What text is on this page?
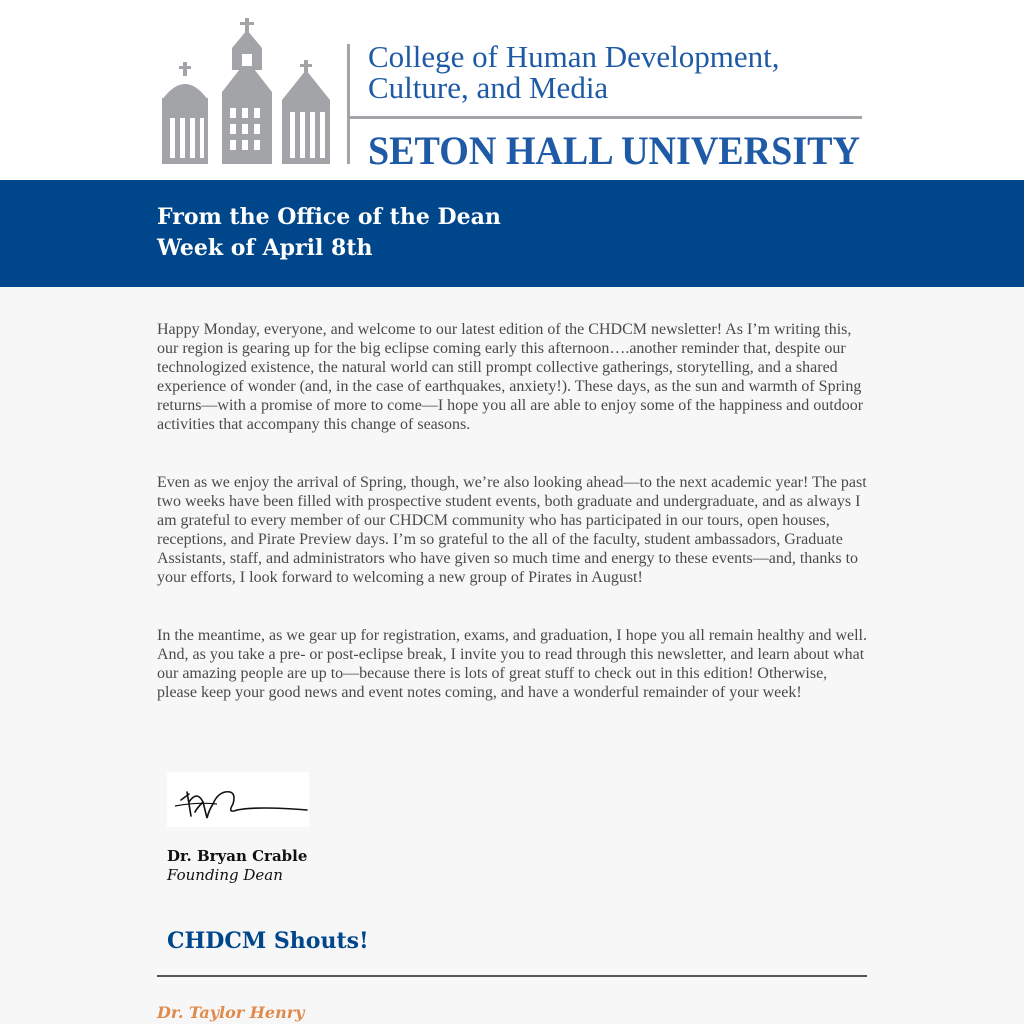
College of Human Development,
Culture, and Media
SETON HALL UNIVERSITY
From the Office of the Dean
Week of April 8th

Happy Monday, everyone, and welcome to our latest edition of the CHDCM newsletter! As I’m writing this, our region is gearing up for the big eclipse coming early this afternoon….another reminder that, despite our technologized existence, the natural world can still prompt collective gatherings, storytelling, and a shared experience of wonder (and, in the case of earthquakes, anxiety!). These days, as the sun and warmth of Spring returns—with a promise of more to come—I hope you all are able to enjoy some of the happiness and outdoor activities that accompany this change of seasons.

Even as we enjoy the arrival of Spring, though, we’re also looking ahead—to the next academic year! The past two weeks have been filled with prospective student events, both graduate and undergraduate, and as always I am grateful to every member of our CHDCM community who has participated in our tours, open houses, receptions, and Pirate Preview days. I’m so grateful to the all of the faculty, student ambassadors, Graduate Assistants, staff, and administrators who have given so much time and energy to these events—and, thanks to your efforts, I look forward to welcoming a new group of Pirates in August!

In the meantime, as we gear up for registration, exams, and graduation, I hope you all remain healthy and well. And, as you take a pre- or post-eclipse break, I invite you to read through this newsletter, and learn about what our amazing people are up to—because there is lots of great stuff to check out in this edition! Otherwise, please keep your good news and event notes coming, and have a wonderful remainder of your week!

Dr. Bryan Crable
Founding Dean
CHDCM Shouts!
Dr. Taylor Henry
